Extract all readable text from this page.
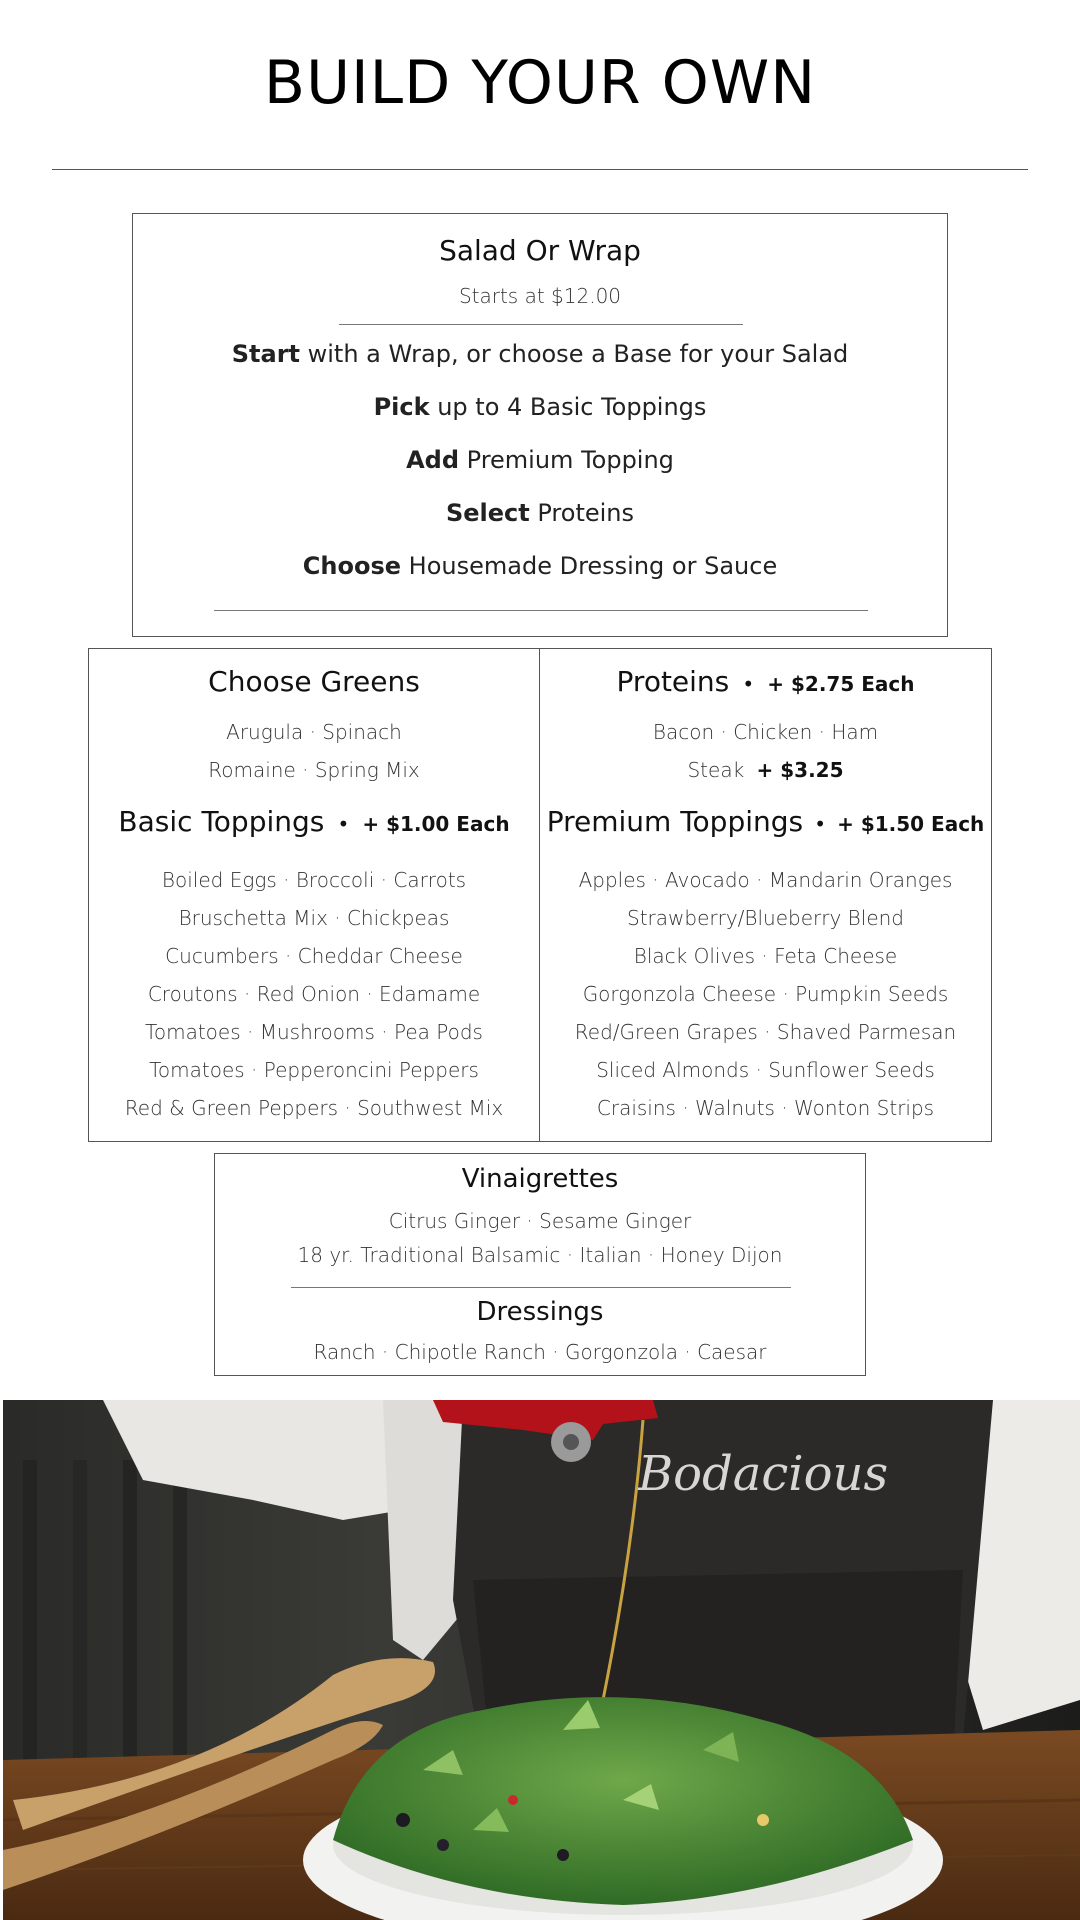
BUILD YOUR OWN
Salad Or Wrap
Starts at $12.00
Start with a Wrap, or choose a Base for your Salad
Pick up to 4 Basic Toppings
Add Premium Topping
Select Proteins
Choose Housemade Dressing or Sauce
Choose Greens
Arugula · Spinach
Romaine · Spring Mix
Basic Toppings • + $1.00 Each
Boiled Eggs · Broccoli · Carrots
Bruschetta Mix · Chickpeas
Cucumbers · Cheddar Cheese
Croutons · Red Onion · Edamame
Tomatoes · Mushrooms · Pea Pods
Tomatoes · Pepperoncini Peppers
Red & Green Peppers · Southwest Mix
Proteins • + $2.75 Each
Bacon · Chicken · Ham
Steak + $3.25
Premium Toppings • + $1.50 Each
Apples · Avocado · Mandarin Oranges
Strawberry/Blueberry Blend
Black Olives · Feta Cheese
Gorgonzola Cheese · Pumpkin Seeds
Red/Green Grapes · Shaved Parmesan
Sliced Almonds · Sunflower Seeds
Craisins · Walnuts · Wonton Strips
Vinaigrettes
Citrus Ginger · Sesame Ginger
18 yr. Traditional Balsamic · Italian · Honey Dijon
Dressings
Ranch · Chipotle Ranch · Gorgonzola · Caesar
Bodacious
